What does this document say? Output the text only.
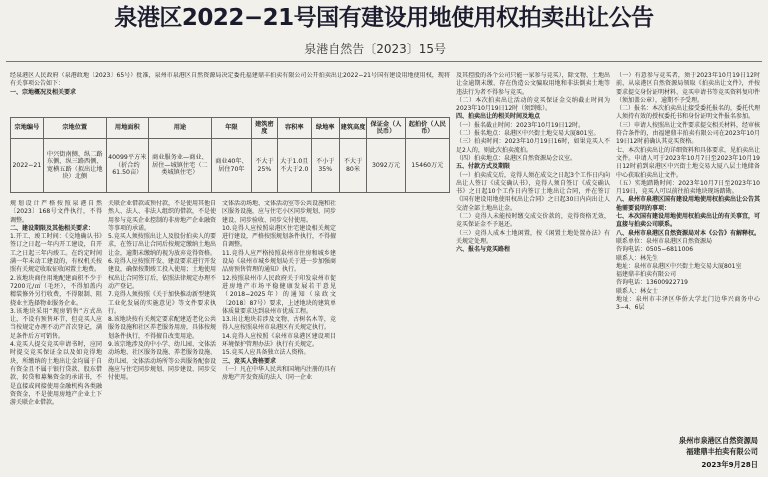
泉港区2022−21号国有建设用地使用权拍卖出让公告
泉港自然告〔2023〕15号

经泉港区人民政府（泉港政地〔2023〕65号）批准，泉州市泉港区自然资源局决定委托福建鼎丰拍卖有限公司公开拍卖出让2022−21号国有建设用地使用权，现将有关事项公告如下：

一、宗地概况及相关要求

宗地编号	宗地位置	用地面积	用途	年限	建筑密度	容积率	绿地率	建筑高度	保证金（人民币）	起拍价（人民币）
2022−21	中兴街南侧、纵二路东侧、纵三路西侧、宽横五路（拟出让地块）北侧	40099平方米（折合约61.50亩）	商业服务业—商业、居住—城镇住宅（二类城镇住宅）	商业40年、居住70年	不大于25%	大于1.0且不大于2.0	不小于35%	不大于80米	3092万元	15460万元

规划设计严格按照泉港自然〔2023〕168号文件执行，不得调整。

二、建设期限及其他相关要求：

1.开工、竣工时间：《交地确认书》签订之日起一年内开工建设，自开工之日起三年内竣工。在约定时间满一年未动工建设的，有权机关按照有关规定收取征收闲置土地费。

2.该地块商住用地配建面积不少于7200元/㎡（毛坯），不得加盖内精装修外另行收费，不得限制、阻挠业主选择物业服务企业。

3.该地块采用“现房销售”方式出让，不设有预售环节，但竞买人应当按规定办理不动产首次登记，满足条件后方可销售。

4.竞买人提交竞买申请书时，应同时提交竞买保证金以及如竞得地块，所缴纳的土地出让金均属于自有资金且不属于银行贷款、股东借款、转贷和募集资金的承诺书，不是直接或间接使用金融机构各类融资资金，不是使用房地产企业土下游关联企业借款。

关联企业借款或预付款，不是使用其他自然人、法人、非法人组织的借款，不是使用参与竞买企业控制的非房地产企业融资等事项的承诺。

5.竞买人须按照出让人及股份拍卖人的要求，在签订出让合同后按规定缴纳土地出让金，逾期未缴纳的视为放弃竞得资格。

6.竞得人应按照开发、建设要求进行开发建设，确保按期竣工投入使用；土地使用权出让合同签订后，依照法律规定办理不动产登记。

7.竞得人须按照《关于加快推动新型建筑工业化发展的实施意见》等文件要求执行。

8.该地块按有关规定要求配建适老化公共服务设施和社区养老服务用房，具体按规划条件执行，不得擅自改变用途。

9.该宗地涉及的中小学、幼儿园、文体活动场地、社区服务设施、养老服务设施、幼儿园、文体活动场所等公共服务配套设施应与住宅同步规划、同步建设、同步交付使用。

文体活动场地、文体活动室等公共设施和社区服务设施，应与住宅小区同步规划、同步建设、同步验收、同步交付使用。

10.竞得人应按照泉港区住宅建设相关规定进行建设，严格按照规划条件执行，不得擅自调整。

11.竞得人应严格按照泉州市住房和城乡建设局《泉州市城乡规划局关于进一步加强商品房预售管理的通知》执行。

12.按照泉州市人民政府关于印发泉州市促进房地产市场平稳健康发展若干意见（2018−2025年）的通知（泉政文〔2018〕87号）要求，上述地块的建筑单体质量要求达到泉州市优质工程。

13.出让地块若涉及文物、古树名木等，竞得人应按照泉州市泉港区有关规定执行。

14.竞得人应按照《泉州市泉港区建设项目环境保护管理办法》执行有关规定。

15.竞买人应具备独立法人资格。

三、竞买人资格要求

（一）凡在中华人民共和国境内注册的具有房地产开发资质的法人（同一企业

及其控股的各个公司只能一家参与竞买），除文物、土地出让金逾期未缴、存在伪造公文骗取用地和非法倒卖土地等违法行为者不得参与竞买。

（二）本次拍卖出让活动的竞买保证金交纳截止时间为2023年10月19日12时（须到账）。

四、拍卖出让的相关时间及地点

（一）报名截止时间：2023年10月19日12时。

（二）报名地点：泉港区中兴街土地交易大厦801室。

（三）拍卖时间：2023年10月19日16时，如果竞买人不足2人的，则此次拍卖流拍。

（四）拍卖地点：泉港区自然资源局会议室。

五、付款方式及期限

（一）拍卖成交后，竞得人须在成交之日起3个工作日内向出让人签订《成交确认书》，竞得人须自签订《成交确认书》之日起10个工作日内签订土地出让合同，并在签订《国有建设用地使用权出让合同》之日起30日内向出让人交清全部土地出让金。

（二）竞得人未能按时缴交成交价款的，竞得资格无效，竞买保证金不予退还。

（三）竞得人成本土地闲置，按《闲置土地处置办法》有关规定处理。

六、报名与竞买路程

（一）有意参与竞买者，须于2023年10月19日12时前，从泉港区自然资源局领取《拍卖出让文件》，并按要求提交身份证明材料、竞买申请书等竞买资料复印件（须加盖公章），逾期不予受理。

（二）报名：本次拍卖出让接受委托报名的，委托代理人须持有效的授权委托书和身份证明文件报名参加。

（三）申请人按照出让文件要求提交相关材料，经审核符合条件的，由福建鼎丰拍卖有限公司在2023年10月19日12时前确认其竞买资格。

七、本次拍卖出让的详细资料和具体要求，见拍卖出让文件。申请人可于2023年10月7日至2023年10月19日12时前到泉港区中兴街土地交易大厦八层土地储备中心获取拍卖出让文件。

（五）实地踏勘时间：2023年10月7日至2023年10月19日，竞买人可以前往拍卖地块现场踏勘。

八、泉州市泉港区国有建设用地使用权拍卖出让公告其他需要说明的事项：

七、本次国有建设用地使用权拍卖出让的有关事宜，可直接与拍卖公司联系。

八、泉州市泉港区自然资源局对本《公告》有解释权。

联系单位：泉州市泉港区自然资源局

咨询电话：0505−6811006

联系人：林先生

地址：泉州市泉港区中兴街土地交易大厦801室

福建鼎丰拍卖有限公司

咨询电话：13600922719

联系人：林女士

地址：泉州市丰泽区华侨大学北门边华兴商务中心3−4、6层

泉州市泉港区自然资源局
福建鼎丰拍卖有限公司
2023年9月28日
